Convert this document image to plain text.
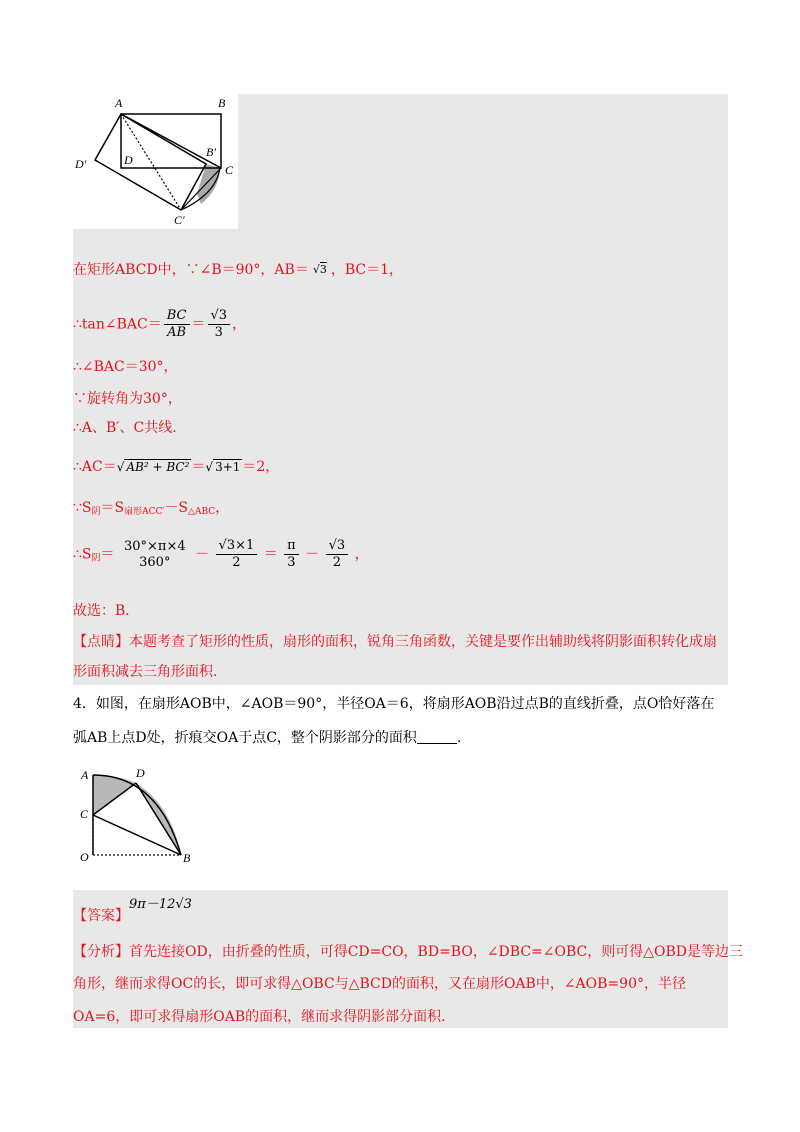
A	B
D′	D
B′
C
C′
在矩形ABCD中，∵∠B＝90°，AB＝ √3 ，BC＝1，
∴tan∠BAC＝ $\frac{BC}{AB} = \frac{√3}{3}$ ，
∴∠BAC＝30°，
∵旋转角为30°，
∴A、B′、C共线．
∴AC＝√ AB² + BC² ＝√ 3+1 ＝2，
$\because S_阴=S_{扇形ACC'}-S_{\triangle ABC}$，
$\therefore S_阴=$
30°×π×4
360°	－ $\frac{√3\times 1}{2} = \frac{\pi}{3} - \frac{√3}{2}$ ，
故选：B．
【点睛】本题考查了矩形的性质，扇形的面积，锐角三角函数，关键是要作出辅助线将阴影面积转化成扇
形面积减去三角形面积．
4．如图，在扇形AOB中，∠AOB＝90°，半径OA＝6，将扇形AOB沿过点B的直线折叠，点O恰好落在
弧AB上点D处，折痕交OA于点C，整个阴影部分的面积	.
A	D
C
O	B
【答案】9π－12√3
【分析】首先连接OD，由折叠的性质，可得CD=CO，BD=BO，∠DBC=∠OBC，则可得△OBD是等边三
角形，继而求得OC的长，即可求得△OBC与△BCD的面积，又在扇形OAB中，∠AOB=90°，半径
OA=6，即可求得扇形OAB的面积，继而求得阴影部分面积.
